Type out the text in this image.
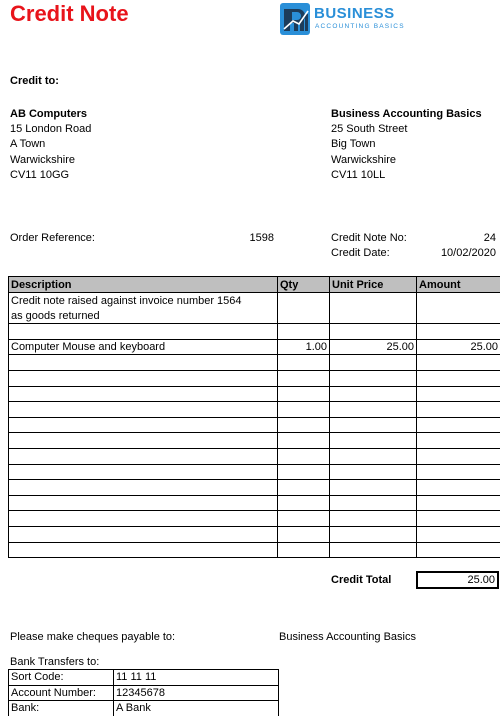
Credit Note	BUSINESS
ACCOUNTING BASICS
Credit to:
AB Computers
15 London Road
A Town
Warwickshire
CV11 10GG
Business Accounting Basics
25 South Street
Big Town
Warwickshire
CV11 10LL
Order Reference:	1598	Credit Note No:	24
Credit Date:	10/02/2020
Description	Qty	Unit Price	Amount
Credit note raised against invoice number 1564			
as goods returned			

Computer Mouse and keyboard	1.00	25.00	25.00

Credit Total	25.00
Please make cheques payable to:	Business Accounting Basics
Bank Transfers to:
Sort Code:	11 11 11
Account Number:	12345678
Bank:	A Bank
